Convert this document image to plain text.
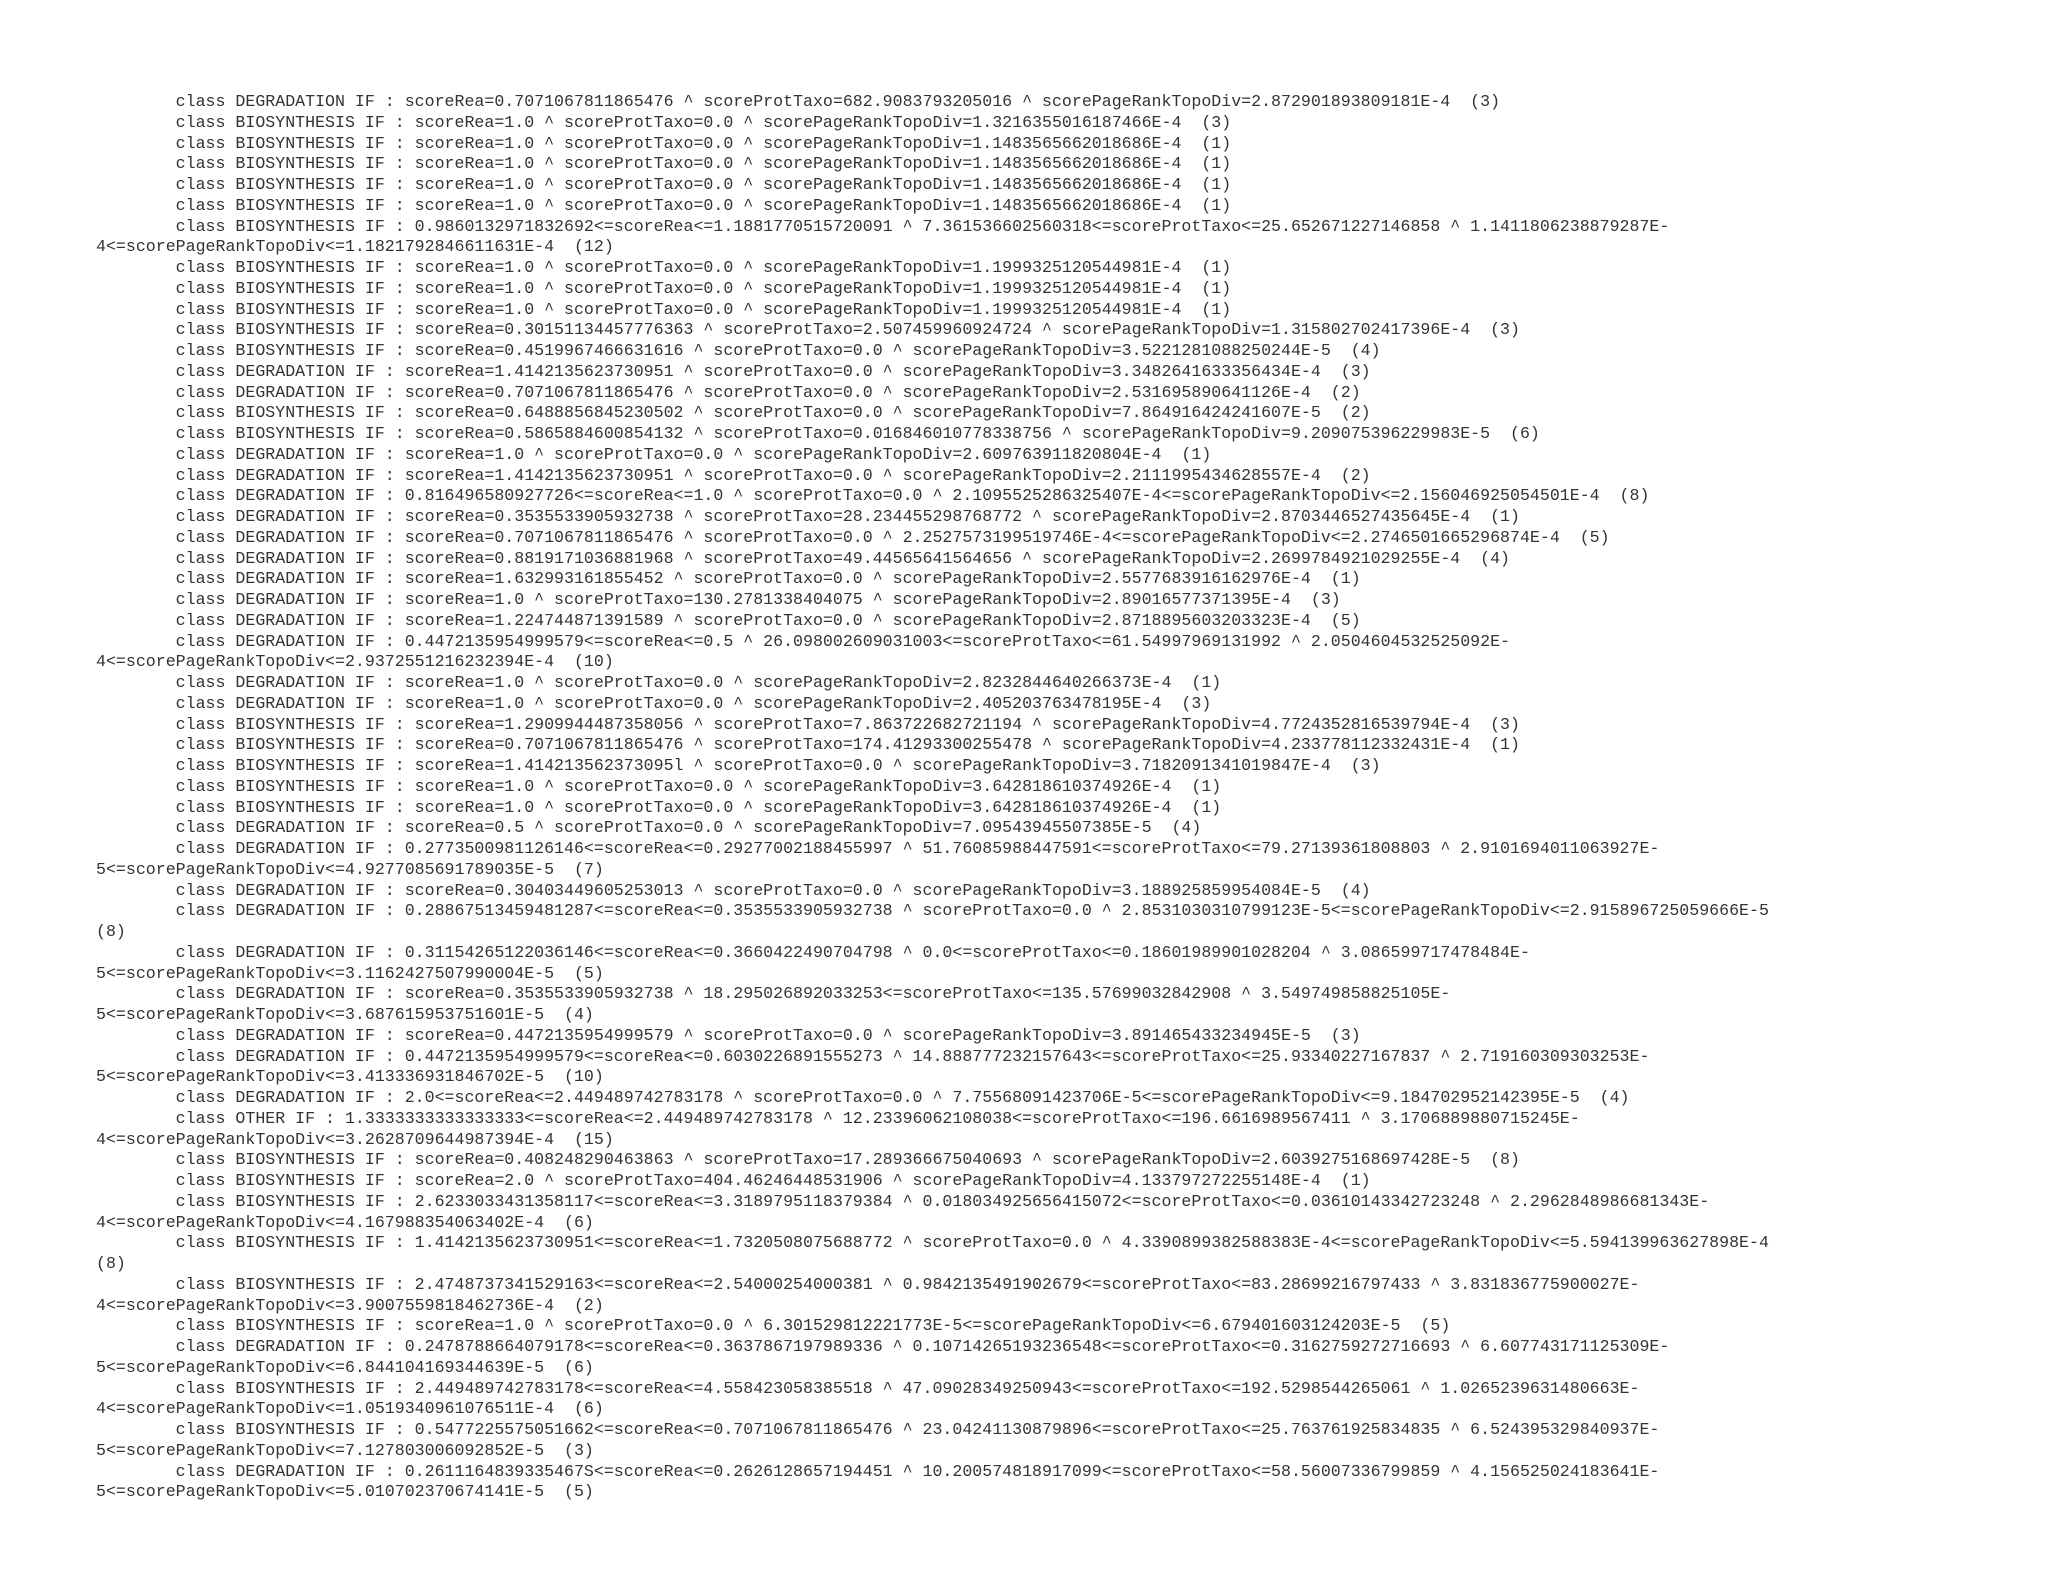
class DEGRADATION IF : scoreRea=0.7071067811865476 ^ scoreProtTaxo=682.9083793205016 ^ scorePageRankTopoDiv=2.872901893809181E-4  (3)
class BIOSYNTHESIS IF : scoreRea=1.0 ^ scoreProtTaxo=0.0 ^ scorePageRankTopoDiv=1.3216355016187466E-4  (3)
class BIOSYNTHESIS IF : scoreRea=1.0 ^ scoreProtTaxo=0.0 ^ scorePageRankTopoDiv=1.1483565662018686E-4  (1)
class BIOSYNTHESIS IF : scoreRea=1.0 ^ scoreProtTaxo=0.0 ^ scorePageRankTopoDiv=1.1483565662018686E-4  (1)
class BIOSYNTHESIS IF : scoreRea=1.0 ^ scoreProtTaxo=0.0 ^ scorePageRankTopoDiv=1.1483565662018686E-4  (1)
class BIOSYNTHESIS IF : scoreRea=1.0 ^ scoreProtTaxo=0.0 ^ scorePageRankTopoDiv=1.1483565662018686E-4  (1)
class BIOSYNTHESIS IF : 0.9860132971832692<=scoreRea<=1.1881770515720091 ^ 7.361536602560318<=scoreProtTaxo<=25.652671227146858 ^ 1.1411806238879287E-
4<=scorePageRankTopoDiv<=1.1821792846611631E-4  (12)
class BIOSYNTHESIS IF : scoreRea=1.0 ^ scoreProtTaxo=0.0 ^ scorePageRankTopoDiv=1.1999325120544981E-4  (1)
class BIOSYNTHESIS IF : scoreRea=1.0 ^ scoreProtTaxo=0.0 ^ scorePageRankTopoDiv=1.1999325120544981E-4  (1)
class BIOSYNTHESIS IF : scoreRea=1.0 ^ scoreProtTaxo=0.0 ^ scorePageRankTopoDiv=1.1999325120544981E-4  (1)
class BIOSYNTHESIS IF : scoreRea=0.30151134457776363 ^ scoreProtTaxo=2.507459960924724 ^ scorePageRankTopoDiv=1.315802702417396E-4  (3)
class BIOSYNTHESIS IF : scoreRea=0.4519967466631616 ^ scoreProtTaxo=0.0 ^ scorePageRankTopoDiv=3.5221281088250244E-5  (4)
class DEGRADATION IF : scoreRea=1.4142135623730951 ^ scoreProtTaxo=0.0 ^ scorePageRankTopoDiv=3.3482641633356434E-4  (3)
class DEGRADATION IF : scoreRea=0.7071067811865476 ^ scoreProtTaxo=0.0 ^ scorePageRankTopoDiv=2.531695890641126E-4  (2)
class BIOSYNTHESIS IF : scoreRea=0.6488856845230502 ^ scoreProtTaxo=0.0 ^ scorePageRankTopoDiv=7.864916424241607E-5  (2)
class BIOSYNTHESIS IF : scoreRea=0.5865884600854132 ^ scoreProtTaxo=0.016846010778338756 ^ scorePageRankTopoDiv=9.209075396229983E-5  (6)
class DEGRADATION IF : scoreRea=1.0 ^ scoreProtTaxo=0.0 ^ scorePageRankTopoDiv=2.609763911820804E-4  (1)
class DEGRADATION IF : scoreRea=1.4142135623730951 ^ scoreProtTaxo=0.0 ^ scorePageRankTopoDiv=2.2111995434628557E-4  (2)
class DEGRADATION IF : 0.816496580927726<=scoreRea<=1.0 ^ scoreProtTaxo=0.0 ^ 2.1095525286325407E-4<=scorePageRankTopoDiv<=2.156046925054501E-4  (8)
class DEGRADATION IF : scoreRea=0.3535533905932738 ^ scoreProtTaxo=28.234455298768772 ^ scorePageRankTopoDiv=2.8703446527435645E-4  (1)
class DEGRADATION IF : scoreRea=0.7071067811865476 ^ scoreProtTaxo=0.0 ^ 2.2527573199519746E-4<=scorePageRankTopoDiv<=2.2746501665296874E-4  (5)
class DEGRADATION IF : scoreRea=0.8819171036881968 ^ scoreProtTaxo=49.44565641564656 ^ scorePageRankTopoDiv=2.2699784921029255E-4  (4)
class DEGRADATION IF : scoreRea=1.632993161855452 ^ scoreProtTaxo=0.0 ^ scorePageRankTopoDiv=2.5577683916162976E-4  (1)
class DEGRADATION IF : scoreRea=1.0 ^ scoreProtTaxo=130.2781338404075 ^ scorePageRankTopoDiv=2.89016577371395E-4  (3)
class DEGRADATION IF : scoreRea=1.224744871391589 ^ scoreProtTaxo=0.0 ^ scorePageRankTopoDiv=2.8718895603203323E-4  (5)
class DEGRADATION IF : 0.4472135954999579<=scoreRea<=0.5 ^ 26.098002609031003<=scoreProtTaxo<=61.54997969131992 ^ 2.0504604532525092E-
4<=scorePageRankTopoDiv<=2.9372551216232394E-4  (10)
class DEGRADATION IF : scoreRea=1.0 ^ scoreProtTaxo=0.0 ^ scorePageRankTopoDiv=2.8232844640266373E-4  (1)
class DEGRADATION IF : scoreRea=1.0 ^ scoreProtTaxo=0.0 ^ scorePageRankTopoDiv=2.405203763478195E-4  (3)
class BIOSYNTHESIS IF : scoreRea=1.2909944487358056 ^ scoreProtTaxo=7.863722682721194 ^ scorePageRankTopoDiv=4.7724352816539794E-4  (3)
class BIOSYNTHESIS IF : scoreRea=0.7071067811865476 ^ scoreProtTaxo=174.41293300255478 ^ scorePageRankTopoDiv=4.233778112332431E-4  (1)
class BIOSYNTHESIS IF : scoreRea=1.414213562373095l ^ scoreProtTaxo=0.0 ^ scorePageRankTopoDiv=3.7182091341019847E-4  (3)
class BIOSYNTHESIS IF : scoreRea=1.0 ^ scoreProtTaxo=0.0 ^ scorePageRankTopoDiv=3.642818610374926E-4  (1)
class BIOSYNTHESIS IF : scoreRea=1.0 ^ scoreProtTaxo=0.0 ^ scorePageRankTopoDiv=3.642818610374926E-4  (1)
class DEGRADATION IF : scoreRea=0.5 ^ scoreProtTaxo=0.0 ^ scorePageRankTopoDiv=7.09543945507385E-5  (4)
class DEGRADATION IF : 0.2773500981126146<=scoreRea<=0.29277002188455997 ^ 51.76085988447591<=scoreProtTaxo<=79.27139361808803 ^ 2.9101694011063927E-
5<=scorePageRankTopoDiv<=4.9277085691789035E-5  (7)
class DEGRADATION IF : scoreRea=0.30403449605253013 ^ scoreProtTaxo=0.0 ^ scorePageRankTopoDiv=3.188925859954084E-5  (4)
class DEGRADATION IF : 0.28867513459481287<=scoreRea<=0.3535533905932738 ^ scoreProtTaxo=0.0 ^ 2.8531030310799123E-5<=scorePageRankTopoDiv<=2.915896725059666E-5
(8)
class DEGRADATION IF : 0.31154265122036146<=scoreRea<=0.3660422490704798 ^ 0.0<=scoreProtTaxo<=0.18601989901028204 ^ 3.086599717478484E-
5<=scorePageRankTopoDiv<=3.1162427507990004E-5  (5)
class DEGRADATION IF : scoreRea=0.3535533905932738 ^ 18.295026892033253<=scoreProtTaxo<=135.57699032842908 ^ 3.549749858825105E-
5<=scorePageRankTopoDiv<=3.687615953751601E-5  (4)
class DEGRADATION IF : scoreRea=0.4472135954999579 ^ scoreProtTaxo=0.0 ^ scorePageRankTopoDiv=3.891465433234945E-5  (3)
class DEGRADATION IF : 0.4472135954999579<=scoreRea<=0.6030226891555273 ^ 14.888777232157643<=scoreProtTaxo<=25.93340227167837 ^ 2.719160309303253E-
5<=scorePageRankTopoDiv<=3.413336931846702E-5  (10)
class DEGRADATION IF : 2.0<=scoreRea<=2.449489742783178 ^ scoreProtTaxo=0.0 ^ 7.75568091423706E-5<=scorePageRankTopoDiv<=9.184702952142395E-5  (4)
class OTHER IF : 1.3333333333333333<=scoreRea<=2.449489742783178 ^ 12.23396062108038<=scoreProtTaxo<=196.6616989567411 ^ 3.1706889880715245E-
4<=scorePageRankTopoDiv<=3.2628709644987394E-4  (15)
class BIOSYNTHESIS IF : scoreRea=0.408248290463863 ^ scoreProtTaxo=17.289366675040693 ^ scorePageRankTopoDiv=2.6039275168697428E-5  (8)
class BIOSYNTHESIS IF : scoreRea=2.0 ^ scoreProtTaxo=404.46246448531906 ^ scorePageRankTopoDiv=4.133797272255148E-4  (1)
class BIOSYNTHESIS IF : 2.6233033431358117<=scoreRea<=3.3189795118379384 ^ 0.018034925656415072<=scoreProtTaxo<=0.03610143342723248 ^ 2.2962848986681343E-
4<=scorePageRankTopoDiv<=4.167988354063402E-4  (6)
class BIOSYNTHESIS IF : 1.4142135623730951<=scoreRea<=1.7320508075688772 ^ scoreProtTaxo=0.0 ^ 4.3390899382588383E-4<=scorePageRankTopoDiv<=5.594139963627898E-4
(8)
class BIOSYNTHESIS IF : 2.4748737341529163<=scoreRea<=2.54000254000381 ^ 0.9842135491902679<=scoreProtTaxo<=83.28699216797433 ^ 3.831836775900027E-
4<=scorePageRankTopoDiv<=3.9007559818462736E-4  (2)
class BIOSYNTHESIS IF : scoreRea=1.0 ^ scoreProtTaxo=0.0 ^ 6.301529812221773E-5<=scorePageRankTopoDiv<=6.679401603124203E-5  (5)
class DEGRADATION IF : 0.2478788664079178<=scoreRea<=0.3637867197989336 ^ 0.10714265193236548<=scoreProtTaxo<=0.3162759272716693 ^ 6.607743171125309E-
5<=scorePageRankTopoDiv<=6.844104169344639E-5  (6)
class BIOSYNTHESIS IF : 2.449489742783178<=scoreRea<=4.558423058385518 ^ 47.09028349250943<=scoreProtTaxo<=192.5298544265061 ^ 1.0265239631480663E-
4<=scorePageRankTopoDiv<=1.0519340961076511E-4  (6)
class BIOSYNTHESIS IF : 0.5477225575051662<=scoreRea<=0.7071067811865476 ^ 23.04241130879896<=scoreProtTaxo<=25.763761925834835 ^ 6.524395329840937E-
5<=scorePageRankTopoDiv<=7.127803006092852E-5  (3)
class DEGRADATION IF : 0.2611164839335467S<=scoreRea<=0.2626128657194451 ^ 10.200574818917099<=scoreProtTaxo<=58.56007336799859 ^ 4.156525024183641E-
5<=scorePageRankTopoDiv<=5.010702370674141E-5  (5)
